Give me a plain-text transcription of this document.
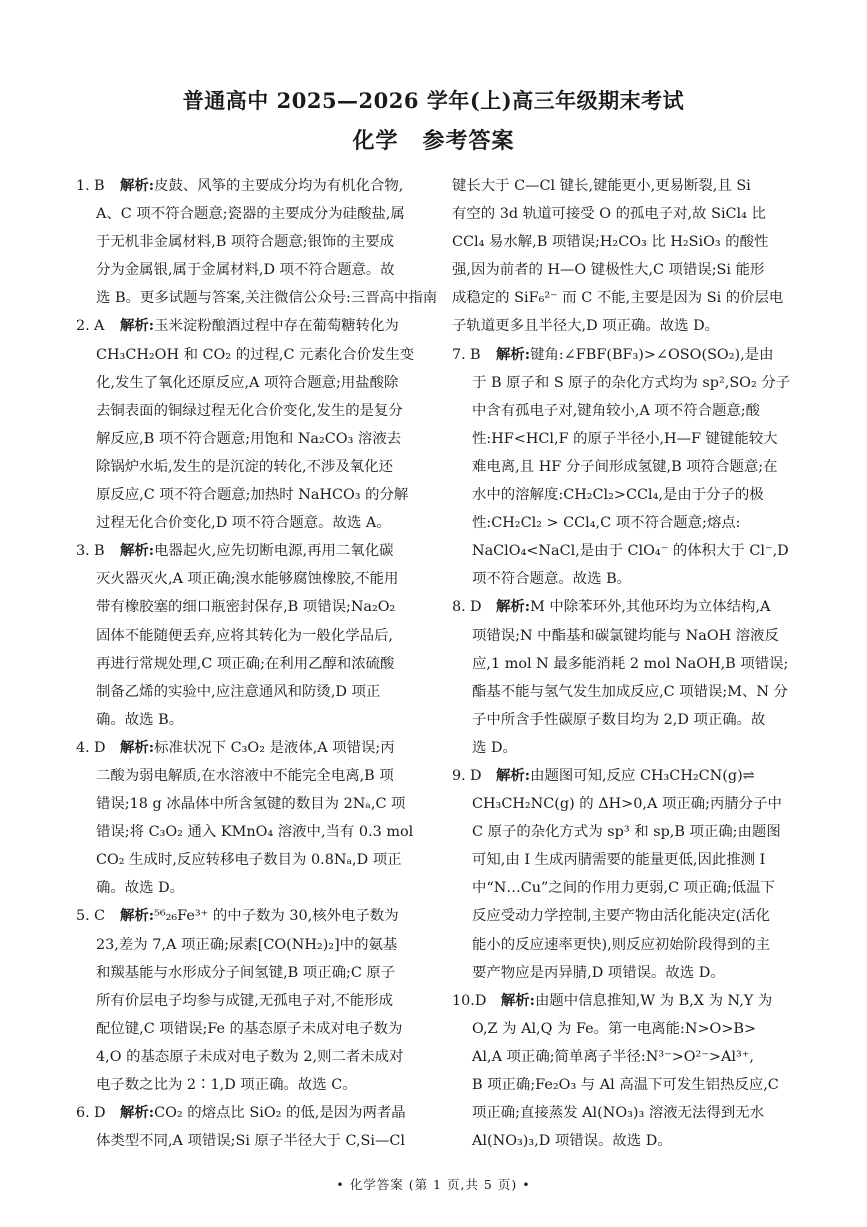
普通高中 2025—2026 学年(上)高三年级期末考试
化学 参考答案
1. B 解析:皮鼓、风筝的主要成分均为有机化合物,
A、C 项不符合题意;瓷器的主要成分为硅酸盐,属
于无机非金属材料,B 项符合题意;银饰的主要成
分为金属银,属于金属材料,D 项不符合题意。故
选 B。更多试题与答案,关注微信公众号:三晋高中指南
2. A 解析:玉米淀粉酿酒过程中存在葡萄糖转化为
CH₃CH₂OH 和 CO₂ 的过程,C 元素化合价发生变
化,发生了氧化还原反应,A 项符合题意;用盐酸除
去铜表面的铜绿过程无化合价变化,发生的是复分
解反应,B 项不符合题意;用饱和 Na₂CO₃ 溶液去
除锅炉水垢,发生的是沉淀的转化,不涉及氧化还
原反应,C 项不符合题意;加热时 NaHCO₃ 的分解
过程无化合价变化,D 项不符合题意。故选 A。
3. B 解析:电器起火,应先切断电源,再用二氧化碳
灭火器灭火,A 项正确;溴水能够腐蚀橡胶,不能用
带有橡胶塞的细口瓶密封保存,B 项错误;Na₂O₂
固体不能随便丢弃,应将其转化为一般化学品后,
再进行常规处理,C 项正确;在利用乙醇和浓硫酸
制备乙烯的实验中,应注意通风和防烫,D 项正
确。故选 B。
4. D 解析:标准状况下 C₃O₂ 是液体,A 项错误;丙
二酸为弱电解质,在水溶液中不能完全电离,B 项
错误;18 g 冰晶体中所含氢键的数目为 2Nₐ,C 项
错误;将 C₃O₂ 通入 KMnO₄ 溶液中,当有 0.3 mol
CO₂ 生成时,反应转移电子数目为 0.8Nₐ,D 项正
确。故选 D。
5. C 解析:⁵⁶₂₆Fe³⁺ 的中子数为 30,核外电子数为
23,差为 7,A 项正确;尿素[CO(NH₂)₂]中的氨基
和羰基能与水形成分子间氢键,B 项正确;C 原子
所有价层电子均参与成键,无孤电子对,不能形成
配位键,C 项错误;Fe 的基态原子未成对电子数为
4,O 的基态原子未成对电子数为 2,则二者未成对
电子数之比为 2∶1,D 项正确。故选 C。
6. D 解析:CO₂ 的熔点比 SiO₂ 的低,是因为两者晶
体类型不同,A 项错误;Si 原子半径大于 C,Si—Cl
键长大于 C—Cl 键长,键能更小,更易断裂,且 Si
有空的 3d 轨道可接受 O 的孤电子对,故 SiCl₄ 比
CCl₄ 易水解,B 项错误;H₂CO₃ 比 H₂SiO₃ 的酸性
强,因为前者的 H—O 键极性大,C 项错误;Si 能形
成稳定的 SiF₆²⁻ 而 C 不能,主要是因为 Si 的价层电
子轨道更多且半径大,D 项正确。故选 D。
7. B 解析:键角:∠FBF(BF₃)>∠OSO(SO₂),是由
于 B 原子和 S 原子的杂化方式均为 sp²,SO₂ 分子
中含有孤电子对,键角较小,A 项不符合题意;酸
性:HF<HCl,F 的原子半径小,H—F 键键能较大
难电离,且 HF 分子间形成氢键,B 项符合题意;在
水中的溶解度:CH₂Cl₂>CCl₄,是由于分子的极
性:CH₂Cl₂ > CCl₄,C 项不符合题意;熔点:
NaClO₄<NaCl,是由于 ClO₄⁻ 的体积大于 Cl⁻,D
项不符合题意。故选 B。
8. D 解析:M 中除苯环外,其他环均为立体结构,A
项错误;N 中酯基和碳氯键均能与 NaOH 溶液反
应,1 mol N 最多能消耗 2 mol NaOH,B 项错误;
酯基不能与氢气发生加成反应,C 项错误;M、N 分
子中所含手性碳原子数目均为 2,D 项正确。故
选 D。
9. D 解析:由题图可知,反应 CH₃CH₂CN(g)⇌
CH₃CH₂NC(g) 的 ΔH>0,A 项正确;丙腈分子中
C 原子的杂化方式为 sp³ 和 sp,B 项正确;由题图
可知,由 Ⅰ 生成丙腈需要的能量更低,因此推测 Ⅰ
中“N…Cu”之间的作用力更弱,C 项正确;低温下
反应受动力学控制,主要产物由活化能决定(活化
能小的反应速率更快),则反应初始阶段得到的主
要产物应是丙异腈,D 项错误。故选 D。
10.D 解析:由题中信息推知,W 为 B,X 为 N,Y 为
O,Z 为 Al,Q 为 Fe。第一电离能:N>O>B>
Al,A 项正确;简单离子半径:N³⁻>O²⁻>Al³⁺,
B 项正确;Fe₂O₃ 与 Al 高温下可发生铝热反应,C
项正确;直接蒸发 Al(NO₃)₃ 溶液无法得到无水
Al(NO₃)₃,D 项错误。故选 D。
• 化学答案 (第 1 页,共 5 页) •
